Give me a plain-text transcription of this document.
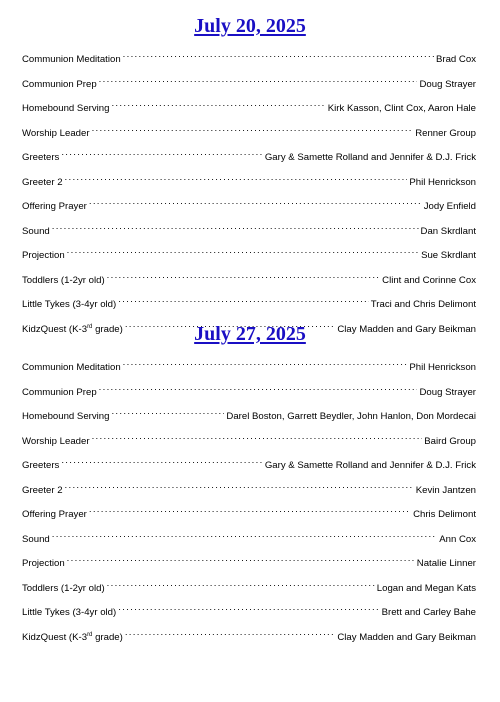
July 20, 2025
Communion Meditation .....	Brad Cox
Communion Prep .....	Doug Strayer
Homebound Serving .....	Kirk Kasson, Clint Cox, Aaron Hale
Worship Leader .....	Renner Group
Greeters .....	Gary & Samette Rolland and Jennifer & D.J. Frick
Greeter 2 .....	Phil Henrickson
Offering Prayer .....	Jody Enfield
Sound .....	Dan Skrdlant
Projection .....	Sue Skrdlant
Toddlers (1-2yr old) .....	Clint and Corinne Cox
Little Tykes (3-4yr old) .....	Traci and Chris Delimont
KidzQuest (K-3rd grade) .....	Clay Madden and Gary Beikman
July 27, 2025
Communion Meditation .....	Phil Henrickson
Communion Prep .....	Doug Strayer
Homebound Serving .....	Darel Boston, Garrett Beydler, John Hanlon, Don Mordecai
Worship Leader .....	Baird Group
Greeters .....	Gary & Samette Rolland and Jennifer & D.J. Frick
Greeter 2 .....	Kevin Jantzen
Offering Prayer .....	Chris Delimont
Sound .....	Ann Cox
Projection .....	Natalie Linner
Toddlers (1-2yr old) .....	Logan and Megan Kats
Little Tykes (3-4yr old) .....	Brett and Carley Bahe
KidzQuest (K-3rd grade) .....	Clay Madden and Gary Beikman
